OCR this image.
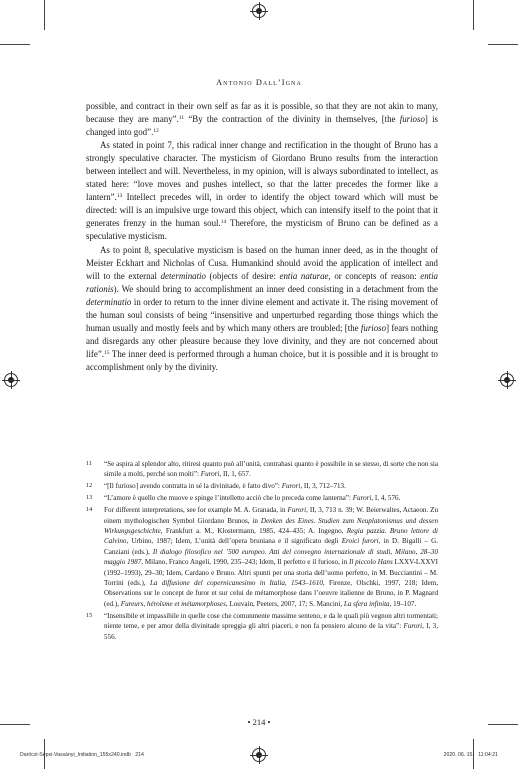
Antonio Dall’Igna

possible, and contract in their own self as far as it is possible, so that they are not akin to many, because they are many”.$^{11}$ “By the contraction of the divinity in themselves, [the furioso] is changed into god”.$^{12}$

As stated in point 7, this radical inner change and rectification in the thought of Bruno has a strongly speculative character. The mysticism of Giordano Bruno results from the interaction between intellect and will. Nevertheless, in my opinion, will is always subordinated to intellect, as stated here: “love moves and pushes intellect, so that the latter precedes the former like a lantern”.$^{13}$ Intellect precedes will, in order to identify the object toward which will must be directed: will is an impulsive urge toward this object, which can intensify itself to the point that it generates frenzy in the human soul.$^{14}$ Therefore, the mysticism of Bruno can be defined as a speculative mysticism.

As to point 8, speculative mysticism is based on the human inner deed, as in the thought of Meister Eckhart and Nicholas of Cusa. Humankind should avoid the application of intellect and will to the external determinatio (objects of desire: entia naturae, or concepts of reason: entia rationis). We should bring to accomplishment an inner deed consisting in a detachment from the determinatio in order to return to the inner divine element and activate it. The rising movement of the human soul consists of being “insensitive and unperturbed regarding those things which the human usually and mostly feels and by which many others are troubled; [the furioso] fears nothing and disregards any other pleasure because they love divinity, and they are not concerned about life”.$^{15}$ The inner deed is performed through a human choice, but it is possible and it is brought to accomplishment only by the divinity.

11 “Se aspira al splendor alto, ritiresi quanto può all’unità, contrahasi quanto è possibile in se stesso, di sorte che non sia simile a molti, perché son molti”: Furori, II, 1, 657.
12 “[Il furioso] avendo contratta in sé la divinitade, è fatto divo”: Furori, II, 3, 712–713.
13 “L’amore è quello che muove e spinge l’intelletto acciò che lo preceda come lanterna”: Furori, I, 4, 576.
14 For different interpretations, see for example M. A. Granada, in Furori, II, 3, 713 n. 39; W. Beierwaltes, Actaeon. Zu einem mythologischen Symbol Giordano Brunos, in Denken des Eines. Studien zum Neuplatonismus und dessen Wirkungsgeschichte, Frankfurt a. M., Klostermann, 1985, 424–435; A. Ingegno, Regia pazzia. Bruno lettore di Calvino, Urbino, 1987; Idem, L’unità dell’opera bruniana e il significato degli Eroici furori, in D. Bigalli – G. Canziani (eds.), Il dialogo filosofico nel ’500 europeo. Atti del convegno internazionale di studi, Milano, 28–30 maggio 1987, Milano, Franco Angeli, 1990, 235–243; Idem, Il perfetto e il furioso, in Il piccolo Hans LXXV-LXXVI (1992–1993), 29–30; Idem, Cardano e Bruno. Altri spunti per una storia dell’uomo perfetto, in M. Bucciantini – M. Torrini (eds.), La diffusione del copernicanesimo in Italia, 1543–1610, Firenze, Olschki, 1997, 218; Idem, Observations sur le concept de furor et sur celui de métamorphose dans l’oeuvre italienne de Bruno, in P. Magnard (ed.), Fureurs, héroïsme et métamorphoses, Louvain, Peeters, 2007, 17; S. Mancini, La sfera infinita, 19–107.
15 “Insensibile et impassibile in quelle cose che comunmente massime senteno, e da le quali più vegnon altri tormentati; niente teme, e per amor della divinitade spreggia gli altri piaceri, e non fa pensiero alcuno de la vita”: Furori, I, 3, 556.
• 214 •
Daróczi-Sepsi-Vassányi_Initiation_155x240.indb   214	2020. 06. 15.   11:04:21
